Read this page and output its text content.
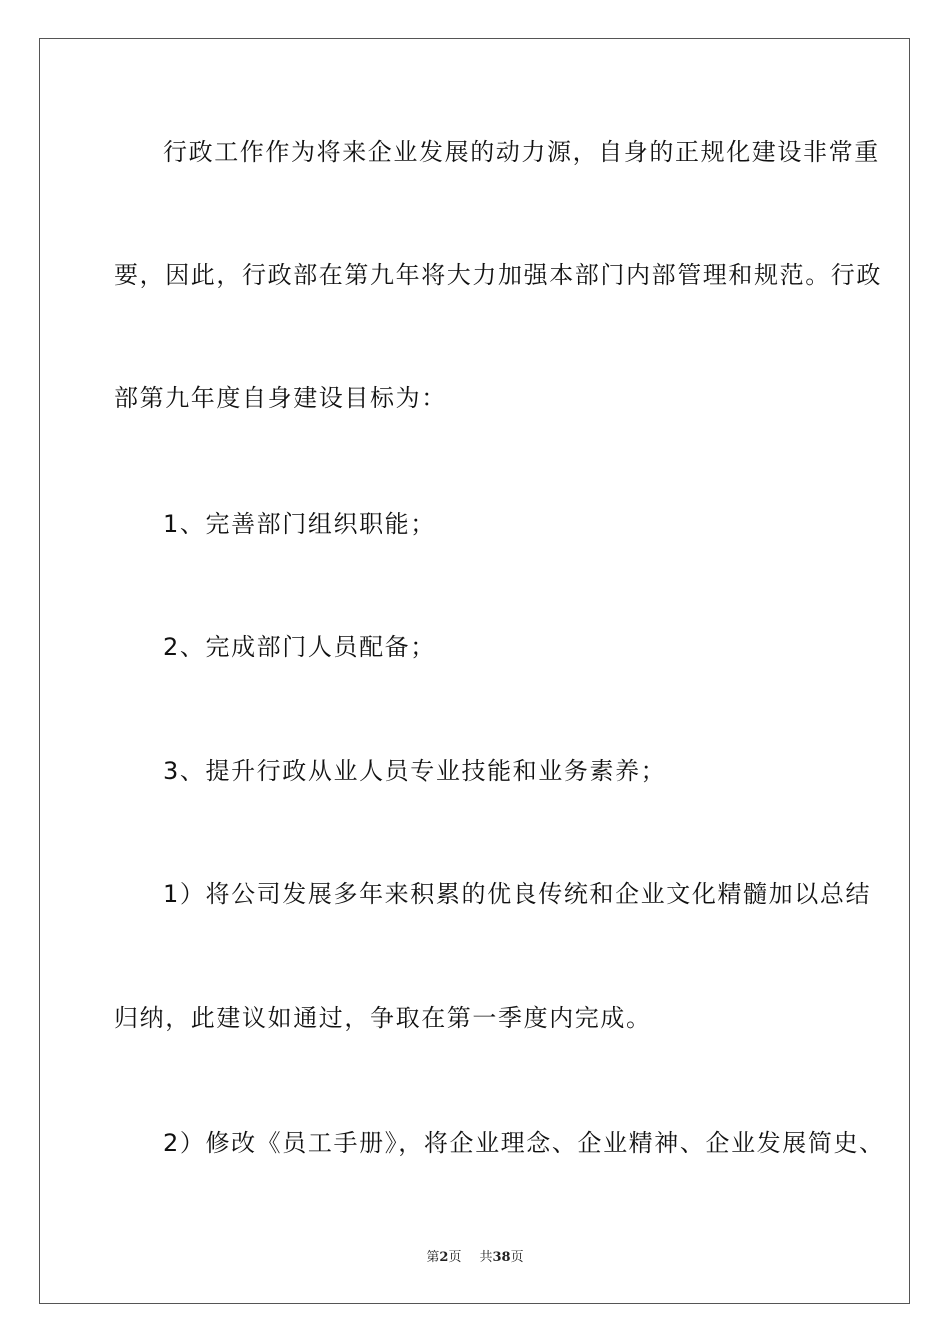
行政工作作为将来企业发展的动力源，自身的正规化建设非常重
要，因此，行政部在第九年将大力加强本部门内部管理和规范。行政
部第九年度自身建设目标为：
1、完善部门组织职能；
2、完成部门人员配备；
3、提升行政从业人员专业技能和业务素养；
1）将公司发展多年来积累的优良传统和企业文化精髓加以总结
归纳，此建议如通过，争取在第一季度内完成。
2）修改《员工手册》，将企业理念、企业精神、企业发展简史、
第2页 共38页
